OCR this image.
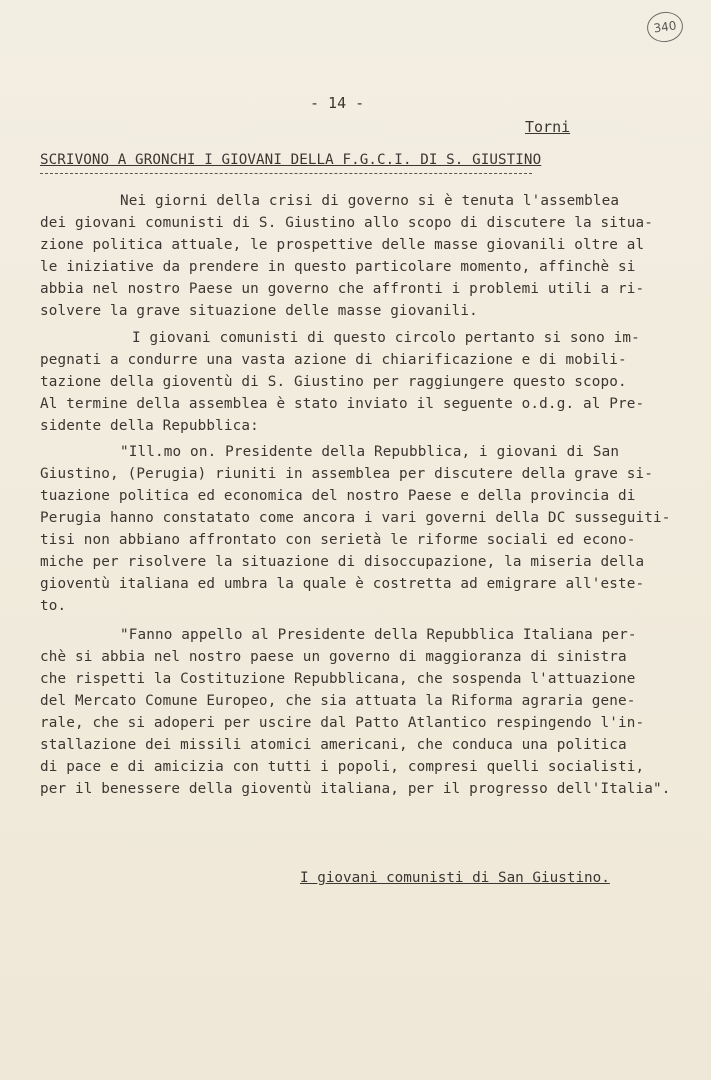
340
- 14 -
Torni
SCRIVONO A GRONCHI I GIOVANI DELLA F.G.C.I. DI S. GIUSTINO
Nei giorni della crisi di governo si è tenuta l'assemblea
dei giovani comunisti di S. Giustino allo scopo di discutere la situa-
zione politica attuale, le prospettive delle masse giovanili oltre al
le iniziative da prendere in questo particolare momento, affinchè si
abbia nel nostro Paese un governo che affronti i problemi utili a ri-
solvere la grave situazione delle masse giovanili.
I giovani comunisti di questo circolo pertanto si sono im-
pegnati a condurre una vasta azione di chiarificazione e di mobili-
tazione della gioventù di S. Giustino per raggiungere questo scopo.
Al termine della assemblea è stato inviato il seguente o.d.g. al Pre-
sidente della Repubblica:
"Ill.mo on. Presidente della Repubblica, i giovani di San
Giustino, (Perugia) riuniti in assemblea per discutere della grave si-
tuazione politica ed economica del nostro Paese e della provincia di
Perugia hanno constatato come ancora i vari governi della DC susseguiti-
tisi non abbiano affrontato con serietà le riforme sociali ed econo-
miche per risolvere la situazione di disoccupazione, la miseria della
gioventù italiana ed umbra la quale è costretta ad emigrare all'este-
to.
"Fanno appello al Presidente della Repubblica Italiana per-
chè si abbia nel nostro paese un governo di maggioranza di sinistra
che rispetti la Costituzione Repubblicana, che sospenda l'attuazione
del Mercato Comune Europeo, che sia attuata la Riforma agraria gene-
rale, che si adoperi per uscire dal Patto Atlantico respingendo l'in-
stallazione dei missili atomici americani, che conduca una politica
di pace e di amicizia con tutti i popoli, compresi quelli socialisti,
per il benessere della gioventù italiana, per il progresso dell'Italia".
I giovani comunisti di San Giustino.
